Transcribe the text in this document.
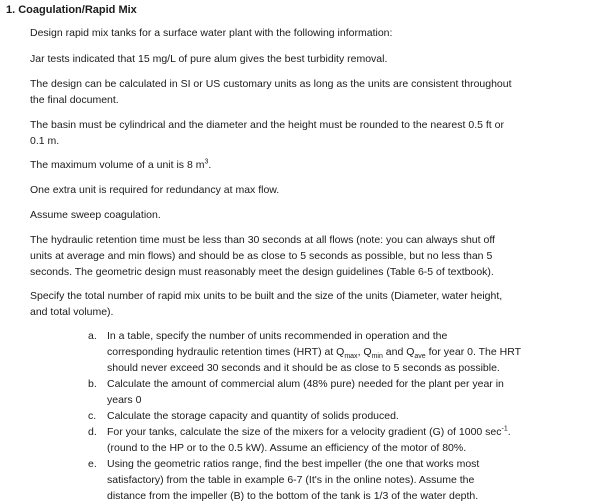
1. Coagulation/Rapid Mix
Design rapid mix tanks for a surface water plant with the following information:
Jar tests indicated that 15 mg/L of pure alum gives the best turbidity removal.
The design can be calculated in SI or US customary units as long as the units are consistent throughout
the final document.
The basin must be cylindrical and the diameter and the height must be rounded to the nearest 0.5 ft or
0.1 m.
The maximum volume of a unit is 8 $m^3$.
One extra unit is required for redundancy at max flow.
Assume sweep coagulation.
The hydraulic retention time must be less than 30 seconds at all flows (note: you can always shut off
units at average and min flows) and should be as close to 5 seconds as possible, but no less than 5
seconds. The geometric design must reasonably meet the design guidelines (Table 6-5 of textbook).
Specify the total number of rapid mix units to be built and the size of the units (Diameter, water height,
and total volume).
a. In a table, specify the number of units recommended in operation and the
corresponding hydraulic retention times (HRT) at $Q_{max}$, $Q_{min}$ and $Q_{ave}$ for year 0. The HRT
should never exceed 30 seconds and it should be as close to 5 seconds as possible.
b. Calculate the amount of commercial alum (48% pure) needed for the plant per year in
years 0
c.	Calculate the storage capacity and quantity of solids produced.
d. For your tanks, calculate the size of the mixers for a velocity gradient (G) of 1000 $\sec^{-1}$.
(round to the HP or to the 0.5 kW). Assume an efficiency of the motor of 80%.
e. Using the geometric ratios range, find the best impeller (the one that works most
satisfactory) from the table in example 6-7 (It's in the online notes). Assume the
distance from the impeller (B) to the bottom of the tank is 1/3 of the water depth.
